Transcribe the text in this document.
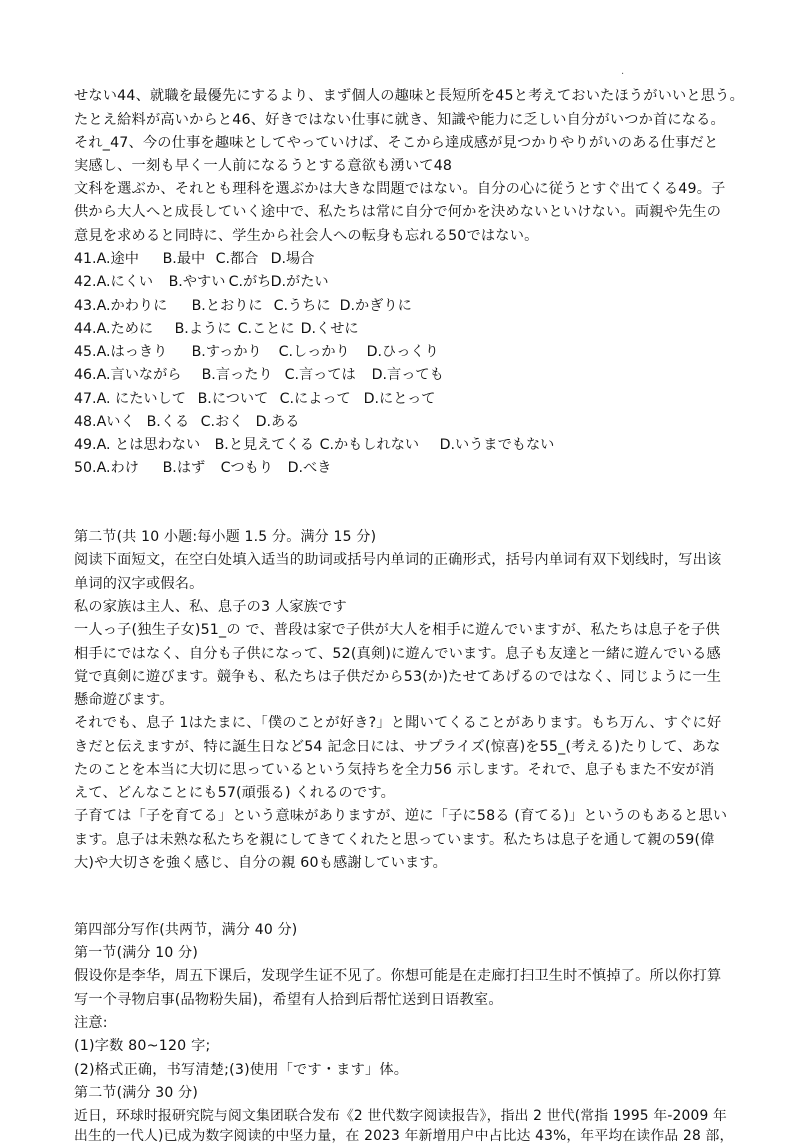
.
せない44、就職を最優先にするより、まず個人の趣味と長短所を45と考えておいたほうがいいと思う。
たとえ給料が高いからと46、好きではない仕事に就き、知識や能力に乏しい自分がいつか首になる。
それ_47、今の仕事を趣味としてやっていけば、そこから達成感が見つかりやりがいのある仕事だと
実感し、一刻も早く一人前になるうとする意欲も湧いて48
文科を選ぶか、それとも理科を選ぶかは大きな問題ではない。自分の心に従うとすぐ出てくる49。子
供から大人へと成長していく途中で、私たちは常に自分で何かを決めないといけない。両親や先生の
意見を求めると同時に、学生から社会人への転身も忘れる50ではない。
41.A.途中 B.最中 C.都合 D.場合
42.A.にくい B.やすい C.がちD.がたい
43.A.かわりに B.とおりに C.うちに D.かぎりに
44.A.ために B.ように C.ことに D.くせに
45.A.はっきり B.すっかり C.しっかり D.ひっくり
46.A.言いながら B.言ったり C.言っては D.言っても
47.A. にたいして B.について C.によって D.にとって
48.Aいく B.くる C.おく D.ある
49.A. とは思わない B.と見えてくる C.かもしれない D.いうまでもない
50.A.わけ B.はず Cつもり D.べき
第二节(共 10 小题:每小题 1.5 分。满分 15 分)
阅读下面短文，在空白处填入适当的助词或括号内单词的正确形式，括号内单词有双下划线时，写出该
单词的汉字或假名。
私の家族は主人、私、息子の3 人家族です
一人っ子(独生子女)51_の で、普段は家で子供が大人を相手に遊んでいますが、私たちは息子を子供
相手にではなく、自分も子供になって、52(真剣)に遊んでいます。息子も友達と一緒に遊んでいる感
覚で真剣に遊びます。競争も、私たちは子供だから53(か)たせてあげるのではなく、同じように一生
懸命遊びます。
それでも、息子 1はたまに、「僕のことが好き?」と聞いてくることがあります。もち万ん、すぐに好
きだと伝えますが、特に誕生日など54 記念日には、サプライズ(惊喜)を55_(考える)たりして、あな
たのことを本当に大切に思っているという気持ちを全力56 示します。それで、息子もまた不安が消
えて、どんなことにも57(頑張る) くれるのです。
子育ては「子を育てる」という意味がありますが、逆に「子に58る (育てる)」というのもあると思い
ます。息子は未熟な私たちを親にしてきてくれたと思っています。私たちは息子を通して親の59(偉
大)や大切さを強く感じ、自分の親 60も感謝しています。
第四部分写作(共两节，满分 40 分)
第一节(满分 10 分)
假设你是李华，周五下课后，发现学生证不见了。你想可能是在走廊打扫卫生时不慎掉了。所以你打算
写一个寻物启事(品物粉失届)，希望有人拾到后帮忙送到日语教室。
注意:
(1)字数 80~120 字;
(2)格式正确，书写清楚;(3)使用「です・ます」体。
第二节(满分 30 分)
近日，环球时报研究院与阅文集团联合发布《2 世代数字阅读报告》，指出 2 世代(常指 1995 年-2009 年
出生的一代人)已成为数字阅读的中坚力量，在 2023 年新增用户中占比达 43%，年平均在读作品 28 部，
